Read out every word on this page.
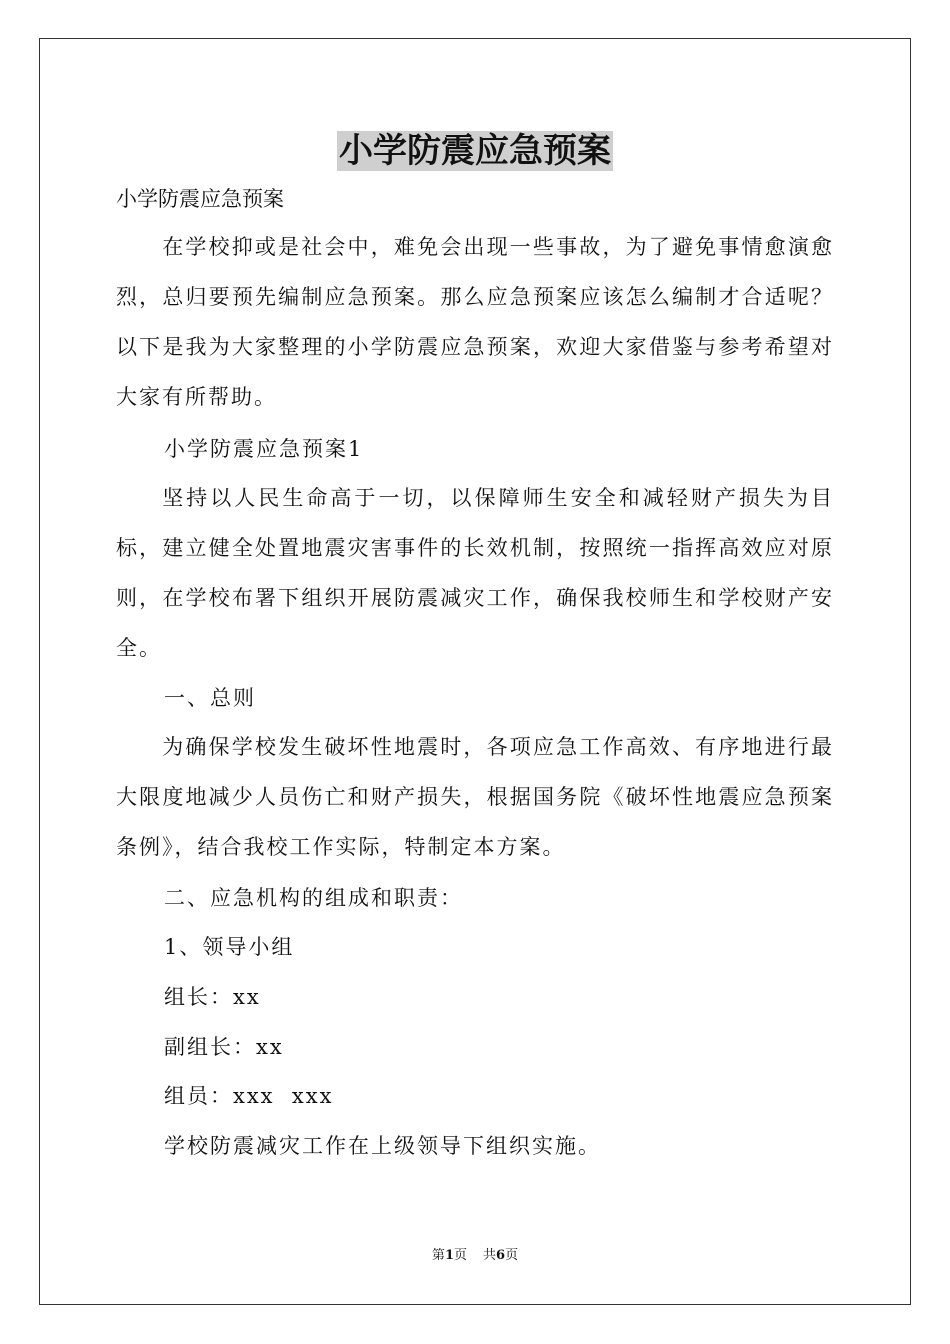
小学防震应急预案
小学防震应急预案

在学校抑或是社会中，难免会出现一些事故，为了避免事情愈演愈烈，总归要预先编制应急预案。那么应急预案应该怎么编制才合适呢？以下是我为大家整理的小学防震应急预案，欢迎大家借鉴与参考希望对大家有所帮助。

小学防震应急预案1

坚持以人民生命高于一切，以保障师生安全和减轻财产损失为目标，建立健全处置地震灾害事件的长效机制，按照统一指挥高效应对原则，在学校布署下组织开展防震减灾工作，确保我校师生和学校财产安全。

一、总则

为确保学校发生破坏性地震时，各项应急工作高效、有序地进行最大限度地减少人员伤亡和财产损失，根据国务院《破坏性地震应急预案条例》，结合我校工作实际，特制定本方案。

二、应急机构的组成和职责：

1、领导小组

组长：xx

副组长：xx

组员：xxx  xxx

学校防震减灾工作在上级领导下组织实施。

第1页 共6页
